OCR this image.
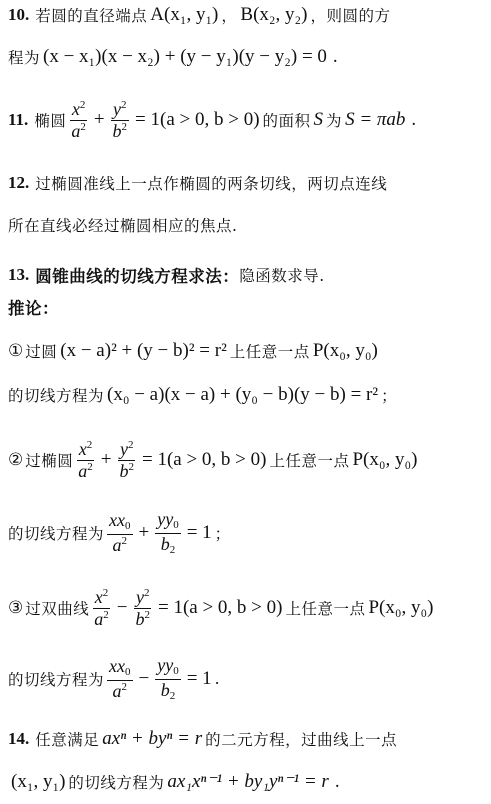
10. 若圆的直径端点 A(x₁, y₁) ， B(x₂, y₂) ，则圆的方
程为 (x − x₁)(x − x₂) + (y − y₁)(y − y₂) = 0 .
11. 椭圆 $\frac{x^2}{a^2} + \frac{y^2}{b^2} = 1(a > 0$, b > 0) 的面积 S 为 S = πab .
12. 过椭圆准线上一点作椭圆的两条切线，两切点连线
所在直线必经过椭圆相应的焦点.
13. 圆锥曲线的切线方程求法： 隐函数求导.
推论：
① 过圆 (x − a)² + (y − b)² = r² 上任意一点 P(x₀, y₀)
的切线方程为 (x₀ − a)(x − a) + (y₀ − b)(y − b) = r² ；
② 过椭圆 $\frac{x^2}{a^2} + \frac{y^2}{b^2} = 1(a > 0$, b > 0) 上任意一点 P(x₀, y₀)
的切线方程为 $\frac{xx_0}{a^2} + \frac{yy_0}{b_2} = 1$ ；
③ 过双曲线 $\frac{x^2}{a^2} - \frac{y^2}{b^2} = 1(a > 0$, b > 0) 上任意一点 P(x₀, y₀)
的切线方程为 $\frac{xx_0}{a^2} - \frac{yy_0}{b_2} = 1$ .
14. 任意满足 axⁿ + byⁿ = r 的二元方程，过曲线上一点
(x₁, y₁) 的切线方程为 ax₁xⁿ⁻¹ + by₁yⁿ⁻¹ = r .
